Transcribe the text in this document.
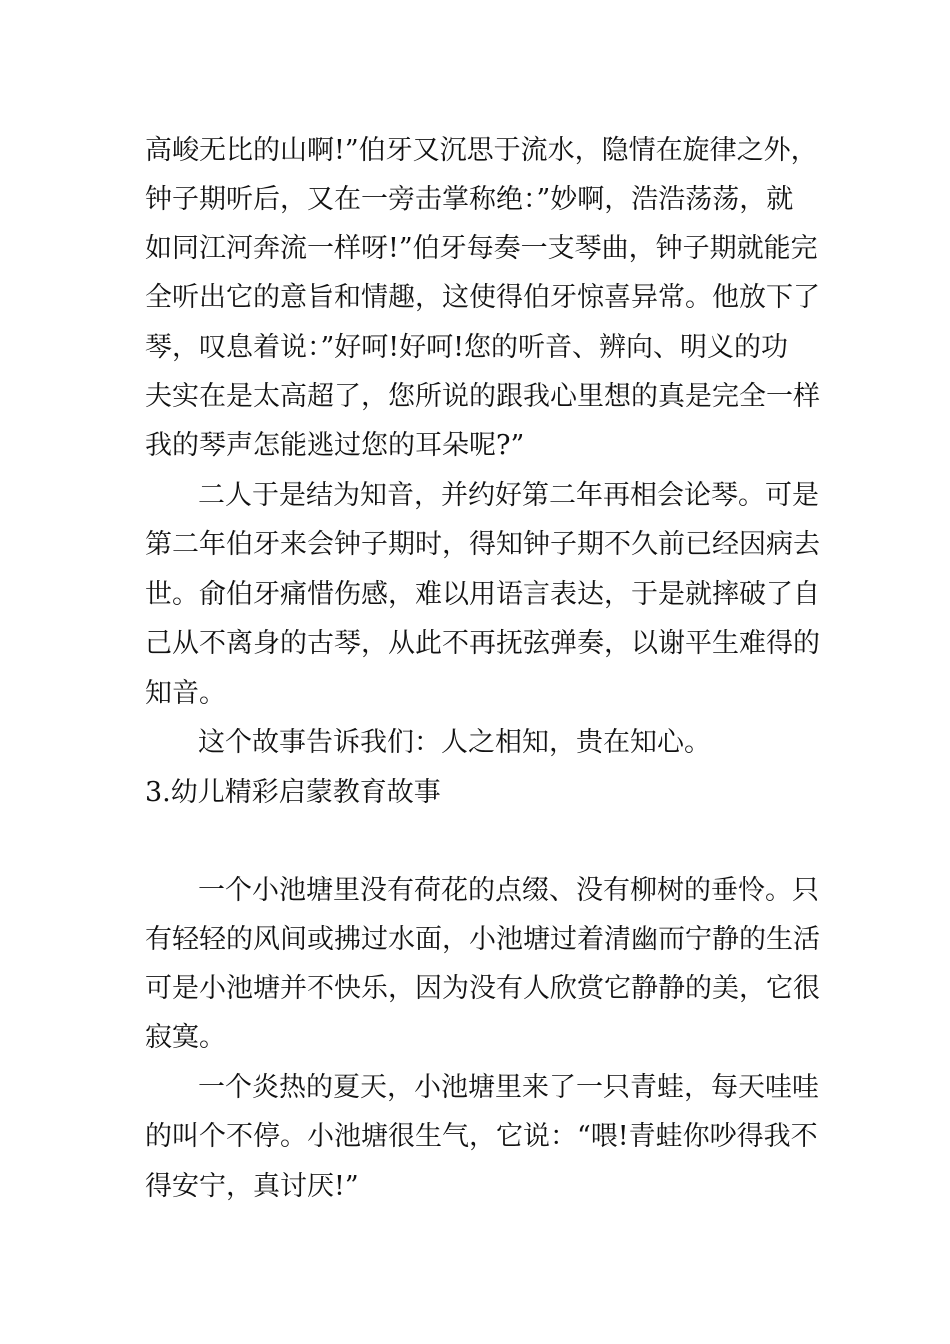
高峻无比的山啊!”伯牙又沉思于流水，隐情在旋律之外，
钟子期听后，又在一旁击掌称绝：”妙啊，浩浩荡荡，就
如同江河奔流一样呀!”伯牙每奏一支琴曲，钟子期就能完
全听出它的意旨和情趣，这使得伯牙惊喜异常。他放下了
琴，叹息着说：”好呵!好呵!您的听音、辨向、明义的功
夫实在是太高超了，您所说的跟我心里想的真是完全一样
我的琴声怎能逃过您的耳朵呢?”
二人于是结为知音，并约好第二年再相会论琴。可是
第二年伯牙来会钟子期时，得知钟子期不久前已经因病去
世。俞伯牙痛惜伤感，难以用语言表达，于是就摔破了自
己从不离身的古琴，从此不再抚弦弹奏，以谢平生难得的
知音。
这个故事告诉我们：人之相知，贵在知心。
3.幼儿精彩启蒙教育故事
一个小池塘里没有荷花的点缀、没有柳树的垂怜。只
有轻轻的风间或拂过水面，小池塘过着清幽而宁静的生活
可是小池塘并不快乐，因为没有人欣赏它静静的美，它很
寂寞。
一个炎热的夏天，小池塘里来了一只青蛙，每天哇哇
的叫个不停。小池塘很生气，它说：“喂!青蛙你吵得我不
得安宁，真讨厌!”
